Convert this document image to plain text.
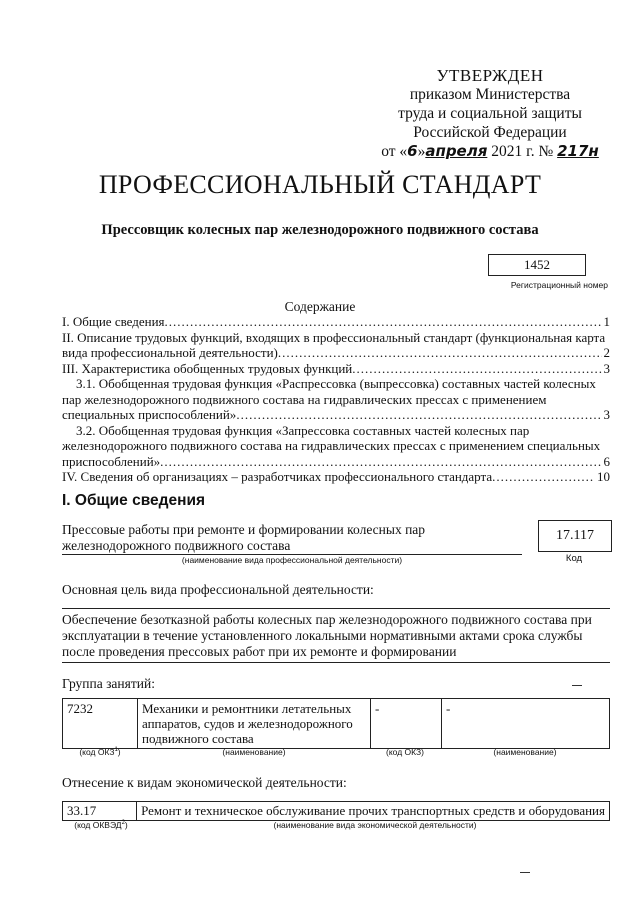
УТВЕРЖДЕН
приказом Министерства
труда и социальной защиты
Российской Федерации
от «6»апреля 2021 г. № 217н
ПРОФЕССИОНАЛЬНЫЙ СТАНДАРТ
Прессовщик колесных пар железнодорожного подвижного состава
1452
Регистрационный номер
Содержание
I. Общие сведения .....	1
II. Описание трудовых функций, входящих в профессиональный стандарт (функциональная карта
вида профессиональной деятельности) .....	2
III. Характеристика обобщенных трудовых функций .....	3
3.1. Обобщенная трудовая функция «Распрессовка (выпрессовка) составных частей колесных
пар железнодорожного подвижного состава на гидравлических прессах с применением
специальных приспособлений» .....	3
3.2. Обобщенная трудовая функция «Запрессовка составных частей колесных пар
железнодорожного подвижного состава на гидравлических прессах с применением специальных
приспособлений» .....	6
IV. Сведения об организациях – разработчиках профессионального стандарта .....	10
I. Общие сведения
Прессовые работы при ремонте и формировании колесных пар
железнодорожного подвижного состава
17.117
(наименование вида профессиональной деятельности)	Код
Основная цель вида профессиональной деятельности:
Обеспечение безотказной работы колесных пар железнодорожного подвижного состава при эксплуатации в течение установленного локальными нормативными актами срока службы после проведения прессовых работ при их ремонте и формировании
Группа занятий:
7232	Механики и ремонтники летательных аппаратов, судов и железнодорожного подвижного состава	-	-
(код ОКЗ$^1$)	(наименование)	(код ОКЗ)	(наименование)
Отнесение к видам экономической деятельности:
33.17	Ремонт и техническое обслуживание прочих транспортных средств и оборудования
(код ОКВЭД$^2$)	(наименование вида экономической деятельности)
